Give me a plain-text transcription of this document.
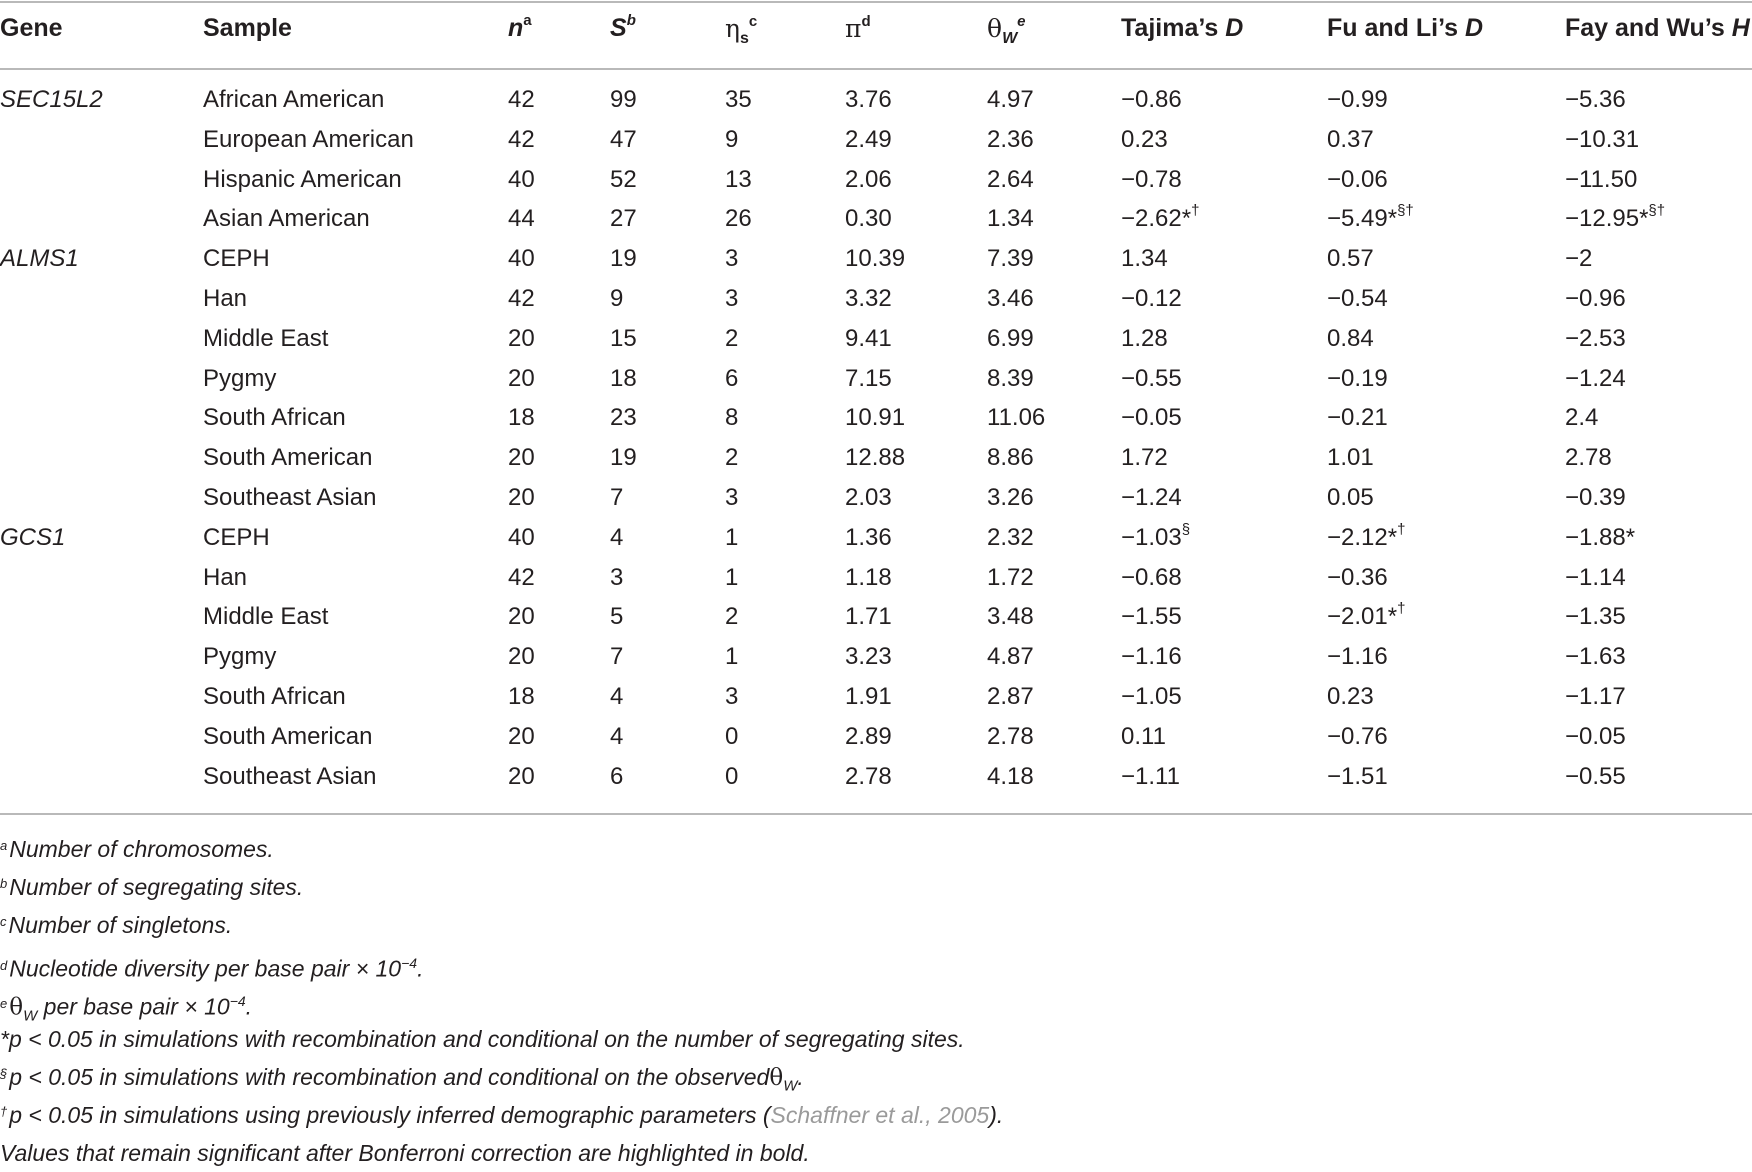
Gene	Sample	$n^a$	$S^b$	$\eta_s^c$	$\pi^d$	$\theta_W^e$	Tajima’s D	Fu and Li’s D	Fay and Wu’s H
SEC15L2	African American	42	99	35	3.76	4.97	−0.86	−0.99	−5.36
European American	42	47	9	2.49	2.36	0.23	0.37	−10.31
Hispanic American	40	52	13	2.06	2.64	−0.78	−0.06	−11.50
Asian American	44	27	26	0.30	1.34	−2.62*†	−5.49*§†	−12.95*§†
ALMS1	CEPH	40	19	3	10.39	7.39	1.34	0.57	−2
Han	42	9	3	3.32	3.46	−0.12	−0.54	−0.96
Middle East	20	15	2	9.41	6.99	1.28	0.84	−2.53
Pygmy	20	18	6	7.15	8.39	−0.55	−0.19	−1.24
South African	18	23	8	10.91	11.06	−0.05	−0.21	2.4
South American	20	19	2	12.88	8.86	1.72	1.01	2.78
Southeast Asian	20	7	3	2.03	3.26	−1.24	0.05	−0.39
GCS1	CEPH	40	4	1	1.36	2.32	−1.03§	−2.12*†	−1.88*
Han	42	3	1	1.18	1.72	−0.68	−0.36	−1.14
Middle East	20	5	2	1.71	3.48	−1.55	−2.01*†	−1.35
Pygmy	20	7	1	3.23	4.87	−1.16	−1.16	−1.63
South African	18	4	3	1.91	2.87	−1.05	0.23	−1.17
South American	20	4	0	2.89	2.78	0.11	−0.76	−0.05
Southeast Asian	20	6	0	2.78	4.18	−1.11	−1.51	−0.55
$^a$Number of chromosomes.
$^b$Number of segregating sites.
$^c$Number of singletons.
$^d$Nucleotide diversity per base pair × $10^{-4}$.
$^e\theta_W$ per base pair × $10^{-4}$.
*p < 0.05 in simulations with recombination and conditional on the number of segregating sites.
§p < 0.05 in simulations with recombination and conditional on the observedθ$_W$.
†p < 0.05 in simulations using previously inferred demographic parameters (Schaffner et al., 2005).
Values that remain significant after Bonferroni correction are highlighted in bold.
